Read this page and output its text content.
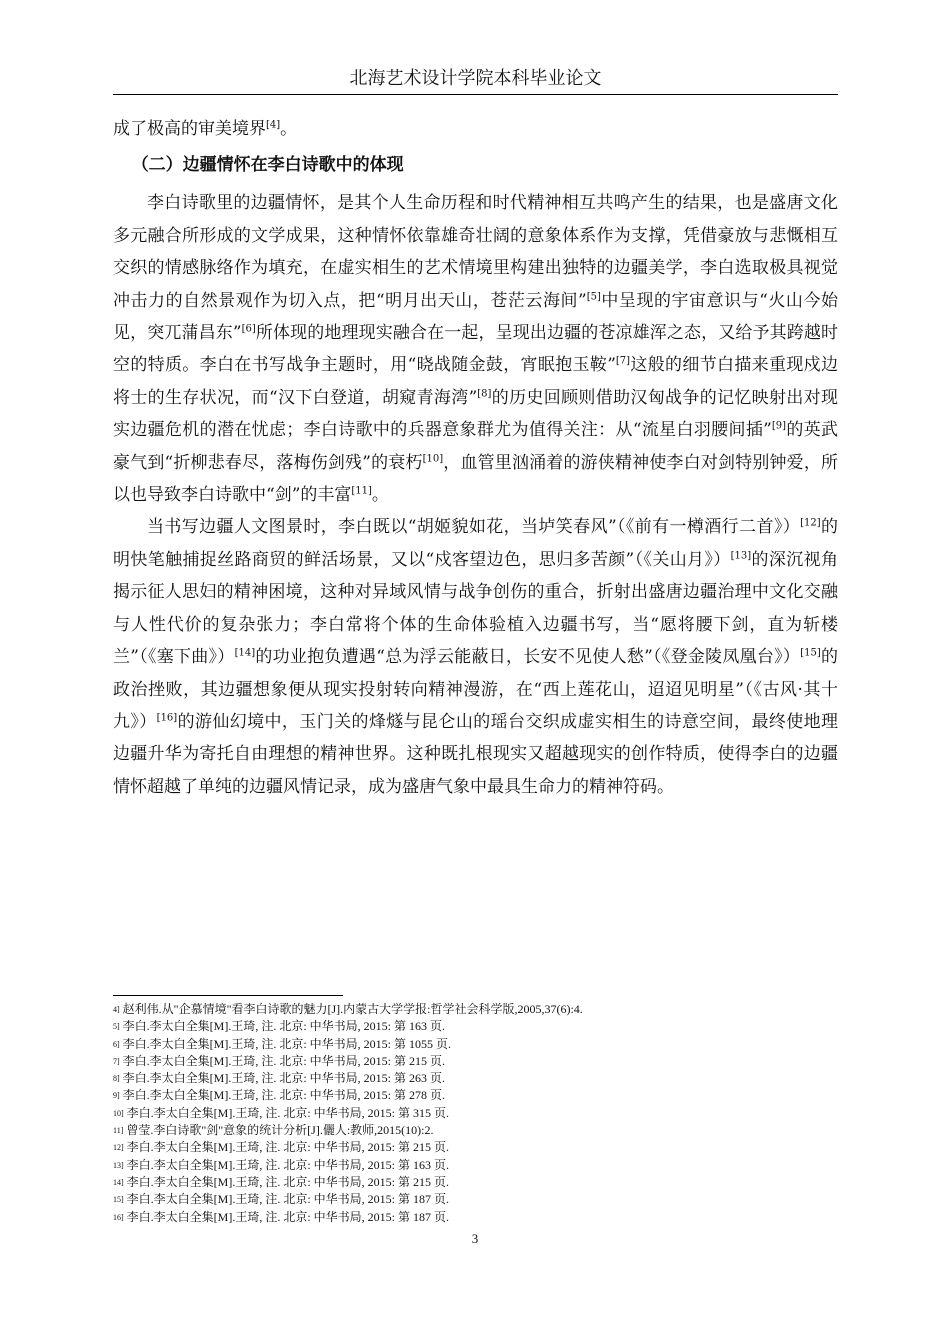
北海艺术设计学院本科毕业论文

成了极高的审美境界[4]。

（二）边疆情怀在李白诗歌中的体现

李白诗歌里的边疆情怀，是其个人生命历程和时代精神相互共鸣产生的结果，也是盛唐文化多元融合所形成的文学成果，这种情怀依靠雄奇壮阔的意象体系作为支撑，凭借豪放与悲慨相互交织的情感脉络作为填充，在虚实相生的艺术情境里构建出独特的边疆美学，李白选取极具视觉冲击力的自然景观作为切入点，把“明月出天山，苍茫云海间”[5]中呈现的宇宙意识与“火山今始见，突兀蒲昌东”[6]所体现的地理现实融合在一起，呈现出边疆的苍凉雄浑之态，又给予其跨越时空的特质。李白在书写战争主题时，用“晓战随金鼓，宵眠抱玉鞍”[7]这般的细节白描来重现戍边将士的生存状况，而“汉下白登道，胡窥青海湾”[8]的历史回顾则借助汉匈战争的记忆映射出对现实边疆危机的潜在忧虑；李白诗歌中的兵器意象群尤为值得关注：从“流星白羽腰间插”[9]的英武豪气到“折柳悲春尽，落梅伤剑残”的衰朽[10]，血管里汹涌着的游侠精神使李白对剑特别钟爱，所以也导致李白诗歌中“剑”的丰富[11]。

当书写边疆人文图景时，李白既以“胡姬貌如花，当垆笑春风”（《前有一樽酒行二首》）[12]的明快笔触捕捉丝路商贸的鲜活场景，又以“戍客望边色，思归多苦颜”（《关山月》）[13]的深沉视角揭示征人思妇的精神困境，这种对异域风情与战争创伤的重合，折射出盛唐边疆治理中文化交融与人性代价的复杂张力；李白常将个体的生命体验植入边疆书写，当“愿将腰下剑，直为斩楼兰”（《塞下曲》）[14]的功业抱负遭遇“总为浮云能蔽日，长安不见使人愁”（《登金陵凤凰台》）[15]的政治挫败，其边疆想象便从现实投射转向精神漫游，在“西上莲花山，迢迢见明星”（《古风·其十九》）[16]的游仙幻境中，玉门关的烽燧与昆仑山的瑶台交织成虚实相生的诗意空间，最终使地理边疆升华为寄托自由理想的精神世界。这种既扎根现实又超越现实的创作特质，使得李白的边疆情怀超越了单纯的边疆风情记录，成为盛唐气象中最具生命力的精神符码。

$^{4]}$ 赵利伟.从"企慕情境"看李白诗歌的魅力[J].内蒙古大学学报:哲学社会科学版,2005,37(6):4.
$^{5]}$ 李白.李太白全集[M].王琦, 注. 北京: 中华书局, 2015: 第 163 页.
$^{6]}$ 李白.李太白全集[M].王琦, 注. 北京: 中华书局, 2015: 第 1055 页.
$^{7]}$ 李白.李太白全集[M].王琦, 注. 北京: 中华书局, 2015: 第 215 页.
$^{8]}$ 李白.李太白全集[M].王琦, 注. 北京: 中华书局, 2015: 第 263 页.
$^{9]}$ 李白.李太白全集[M].王琦, 注. 北京: 中华书局, 2015: 第 278 页.
$^{10]}$ 李白.李太白全集[M].王琦, 注. 北京: 中华书局, 2015: 第 315 页.
$^{11]}$ 曾莹.李白诗歌"剑"意象的统计分析[J].儷人:教师,2015(10):2.
$^{12]}$ 李白.李太白全集[M].王琦, 注. 北京: 中华书局, 2015: 第 215 页.
$^{13]}$ 李白.李太白全集[M].王琦, 注. 北京: 中华书局, 2015: 第 163 页.
$^{14]}$ 李白.李太白全集[M].王琦, 注. 北京: 中华书局, 2015: 第 215 页.
$^{15]}$ 李白.李太白全集[M].王琦, 注. 北京: 中华书局, 2015: 第 187 页.
$^{16]}$ 李白.李太白全集[M].王琦, 注. 北京: 中华书局, 2015: 第 187 页.
3
